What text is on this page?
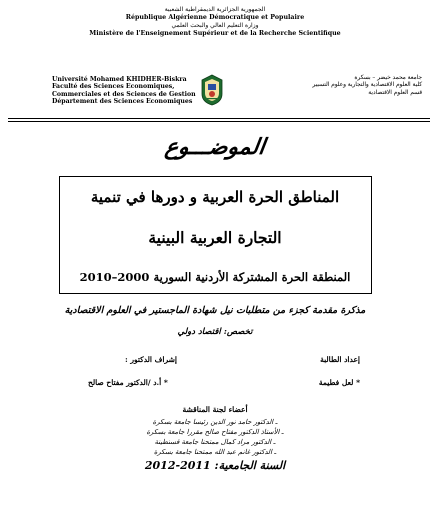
الجمهورية الجزائرية الديمقراطية الشعبية
République Algérienne Démocratique et Populaire
وزارة التعليم العالي والبحث العلمي
Ministère de l'Enseignement Supérieur et de la Recherche Scientifique
Université Mohamed KHIDHER-Biskra
Faculté des Sciences Economiques,
Commerciales et des Sciences de Gestion
Département des Sciences Economiques
جامعة محمد خيضر – بسكرة
كلية العلوم الاقتصادية والتجارية وعلوم التسيير
قسم العلوم الاقتصادية
الموضـــوع
المناطق الحرة العربية و دورها في تنمية
التجارة العربية البينية
المنطقة الحرة المشتركة الأردنية السورية 2000–2010
مذكرة مقدمة كجزء من متطلبات نيل شهادة الماجستير في العلوم الاقتصادية
تخصص: اقتصاد دولي
إعداد الطالبة
إشراف الدكتور :
* لعل فطيمة
* أ.د /الدكتور مفتاح صالح
أعضاء لجنة المناقشة
ـ الدكتور حامد نور الدين رئيسا جامعة بسكرة
ـ الأستاذ الدكتور مفتاح صالح مقررا جامعة بسكرة
ـ الدكتور مراد كمال ممتحنا جامعة قسنطينة
ـ الدكتور غانم عبد الله ممتحنا جامعة بسكرة
السنة الجامعية: 2011-2012
